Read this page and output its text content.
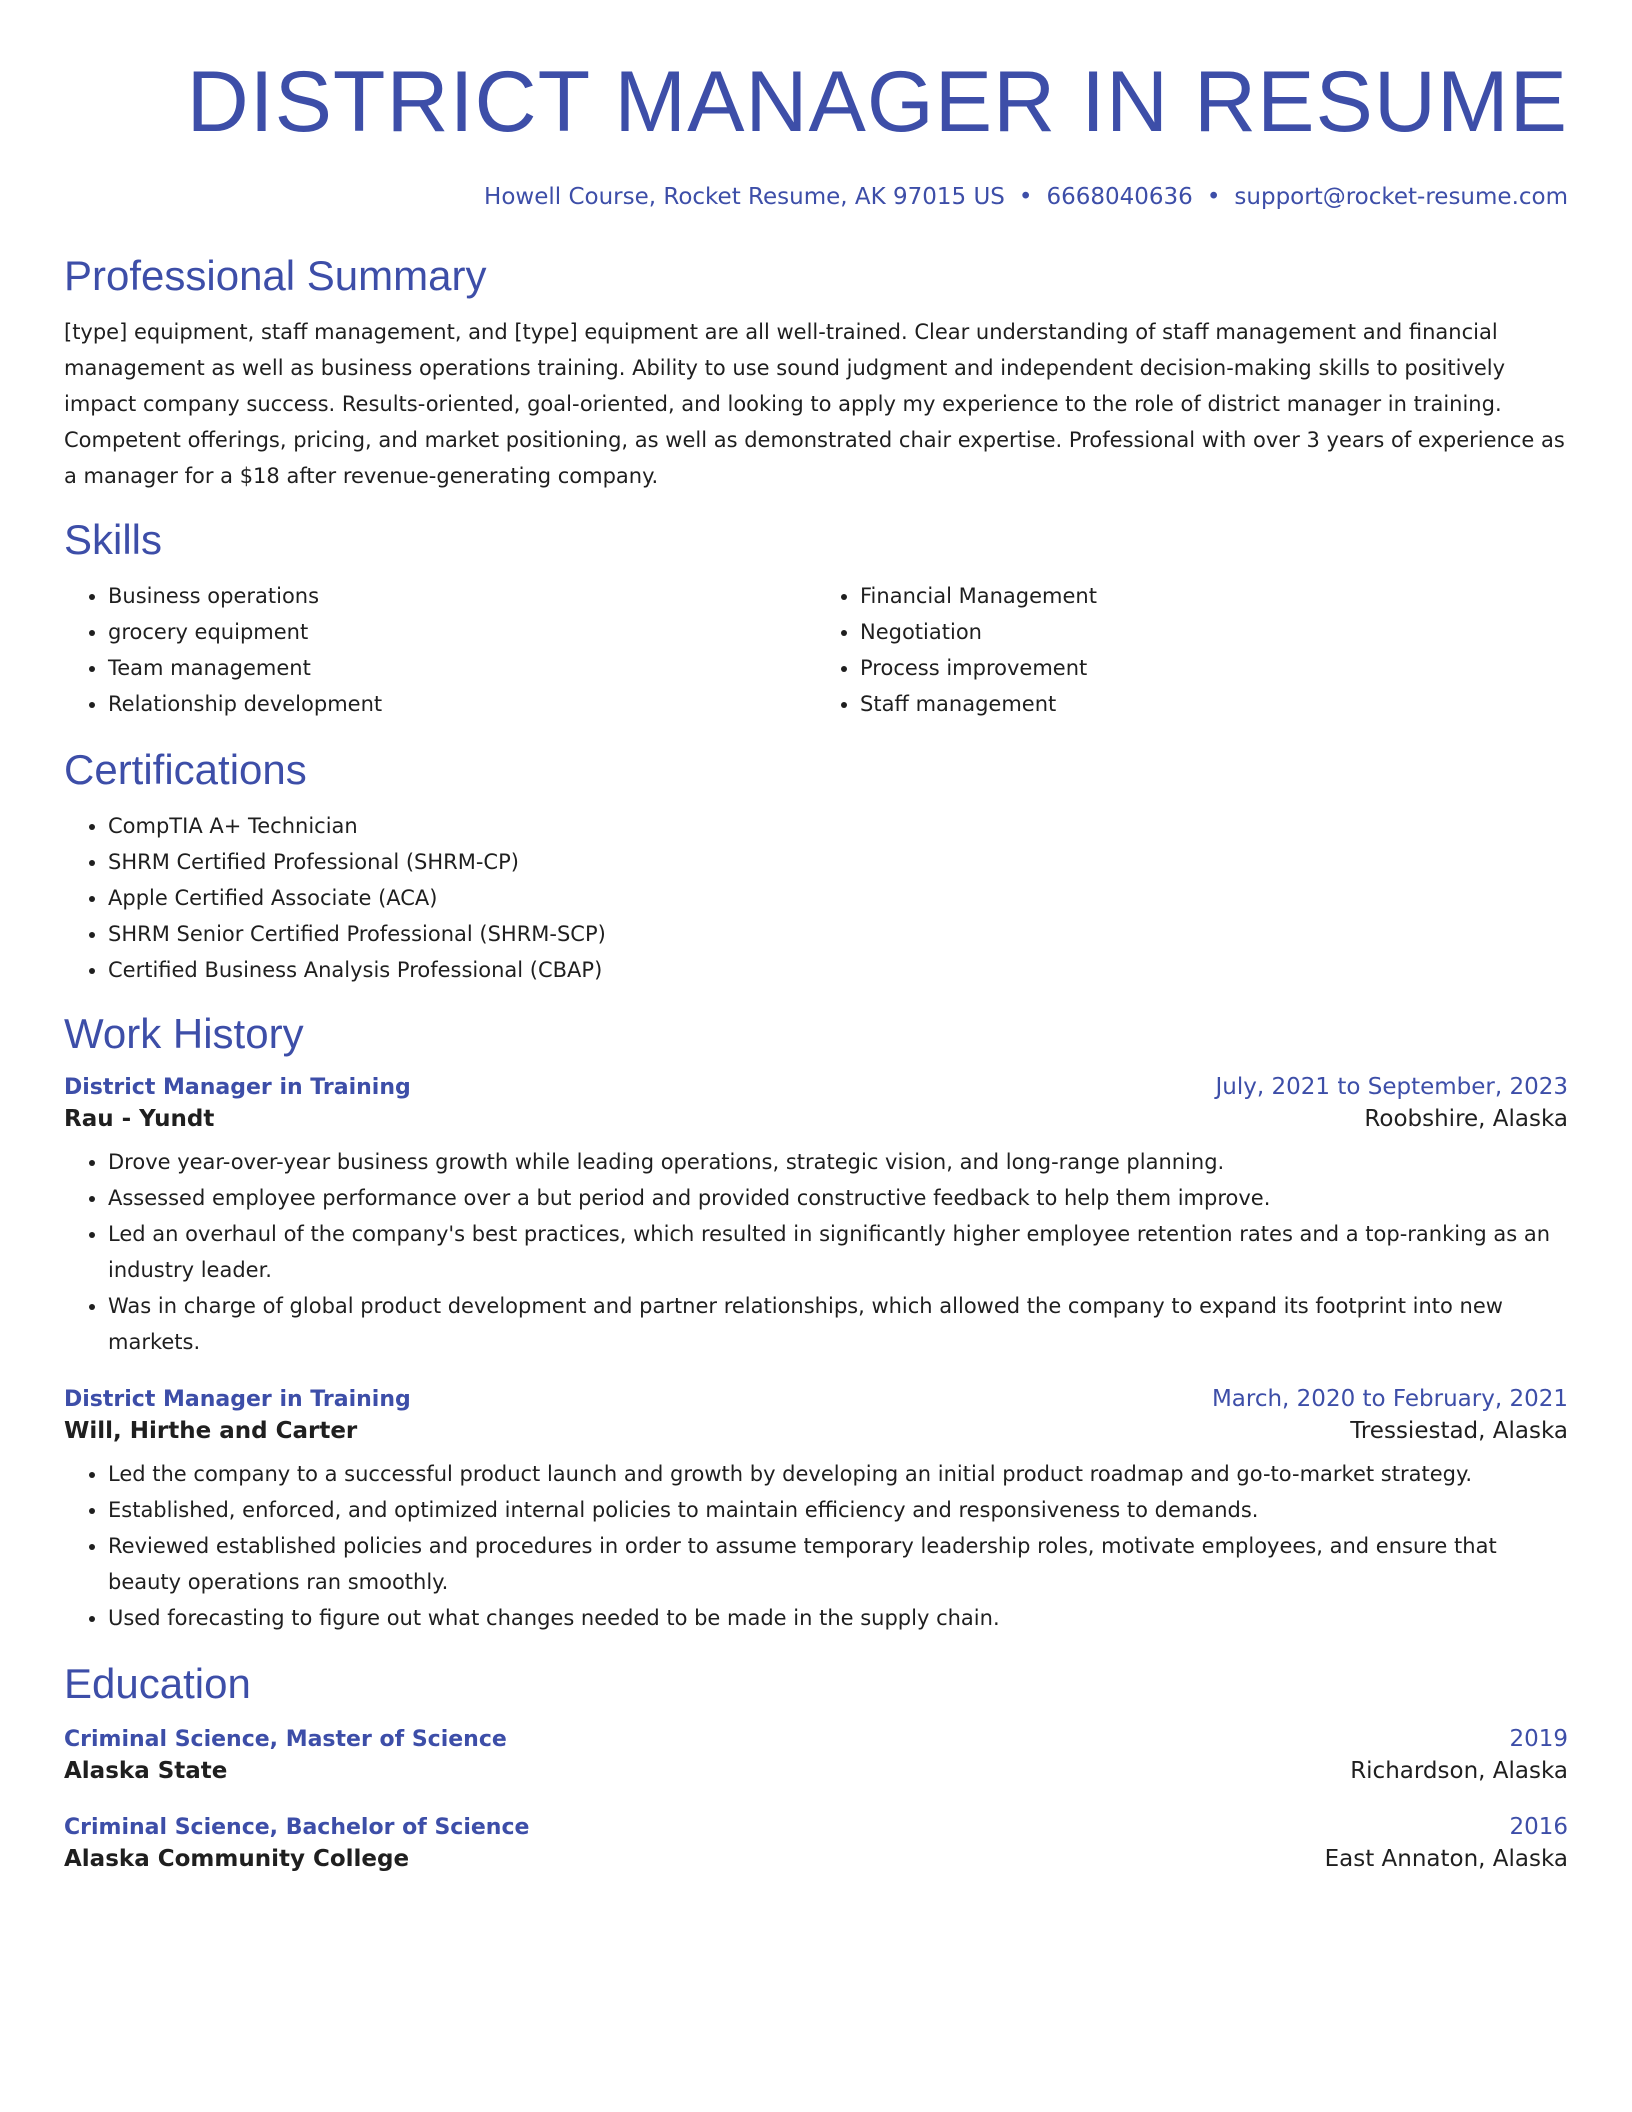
DISTRICT MANAGER IN RESUME
Howell Course, Rocket Resume, AK 97015 US • 6668040636 • support@rocket-resume.com
Professional Summary
[type] equipment, staff management, and [type] equipment are all well-trained. Clear understanding of staff management and financial management as well as business operations training. Ability to use sound judgment and independent decision-making skills to positively impact company success. Results-oriented, goal-oriented, and looking to apply my experience to the role of district manager in training. Competent offerings, pricing, and market positioning, as well as demonstrated chair expertise. Professional with over 3 years of experience as a manager for a $18 after revenue-generating company.
Skills
• Business operations
• grocery equipment
• Team management
• Relationship development
• Financial Management
• Negotiation
• Process improvement
• Staff management
Certifications
• CompTIA A+ Technician
• SHRM Certified Professional (SHRM-CP)
• Apple Certified Associate (ACA)
• SHRM Senior Certified Professional (SHRM-SCP)
• Certified Business Analysis Professional (CBAP)
Work History
District Manager in Training	July, 2021 to September, 2023
Rau - Yundt	Roobshire, Alaska
• Drove year-over-year business growth while leading operations, strategic vision, and long-range planning.
• Assessed employee performance over a but period and provided constructive feedback to help them improve.
• Led an overhaul of the company's best practices, which resulted in significantly higher employee retention rates and a top-ranking as an industry leader.
• Was in charge of global product development and partner relationships, which allowed the company to expand its footprint into new markets.
District Manager in Training	March, 2020 to February, 2021
Will, Hirthe and Carter	Tressiestad, Alaska
• Led the company to a successful product launch and growth by developing an initial product roadmap and go-to-market strategy.
• Established, enforced, and optimized internal policies to maintain efficiency and responsiveness to demands.
• Reviewed established policies and procedures in order to assume temporary leadership roles, motivate employees, and ensure that beauty operations ran smoothly.
• Used forecasting to figure out what changes needed to be made in the supply chain.
Education
Criminal Science, Master of Science	2019
Alaska State	Richardson, Alaska
Criminal Science, Bachelor of Science	2016
Alaska Community College	East Annaton, Alaska
